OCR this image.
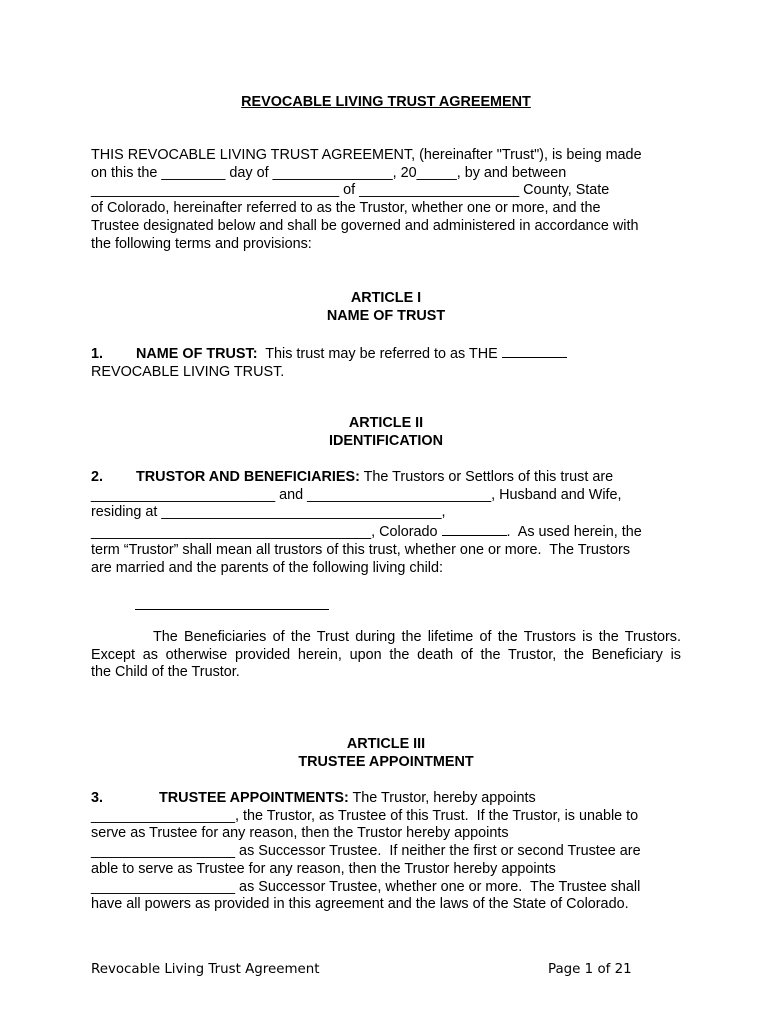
REVOCABLE LIVING TRUST AGREEMENT
THIS REVOCABLE LIVING TRUST AGREEMENT, (hereinafter "Trust"), is being made
on this the ________ day of _______________, 20_____, by and between
_______________________________ of ____________________ County, State
of Colorado, hereinafter referred to as the Trustor, whether one or more, and the
Trustee designated below and shall be governed and administered in accordance with
the following terms and provisions:
ARTICLE I
NAME OF TRUST
1. NAME OF TRUST:  This trust may be referred to as THE
REVOCABLE LIVING TRUST.
ARTICLE II
IDENTIFICATION
2. TRUSTOR AND BENEFICIARIES: The Trustors or Settlors of this trust are
_______________________ and _______________________, Husband and Wife,
residing at ___________________________________,
___________________________________, Colorado	.  As used herein, the
term “Trustor” shall mean all trustors of this trust, whether one or more.  The Trustors
are married and the parents of the following living child:
The Beneficiaries of the Trust during the lifetime of the Trustors is the Trustors.
Except as otherwise provided herein, upon the death of the Trustor, the Beneficiary is
the Child of the Trustor.
ARTICLE III
TRUSTEE APPOINTMENT
3.	TRUSTEE APPOINTMENTS: The Trustor, hereby appoints
__________________, the Trustor, as Trustee of this Trust.  If the Trustor, is unable to
serve as Trustee for any reason, then the Trustor hereby appoints
__________________ as Successor Trustee.  If neither the first or second Trustee are
able to serve as Trustee for any reason, then the Trustor hereby appoints
__________________ as Successor Trustee, whether one or more.  The Trustee shall
have all powers as provided in this agreement and the laws of the State of Colorado.
Revocable Living Trust Agreement	Page 1 of 21
